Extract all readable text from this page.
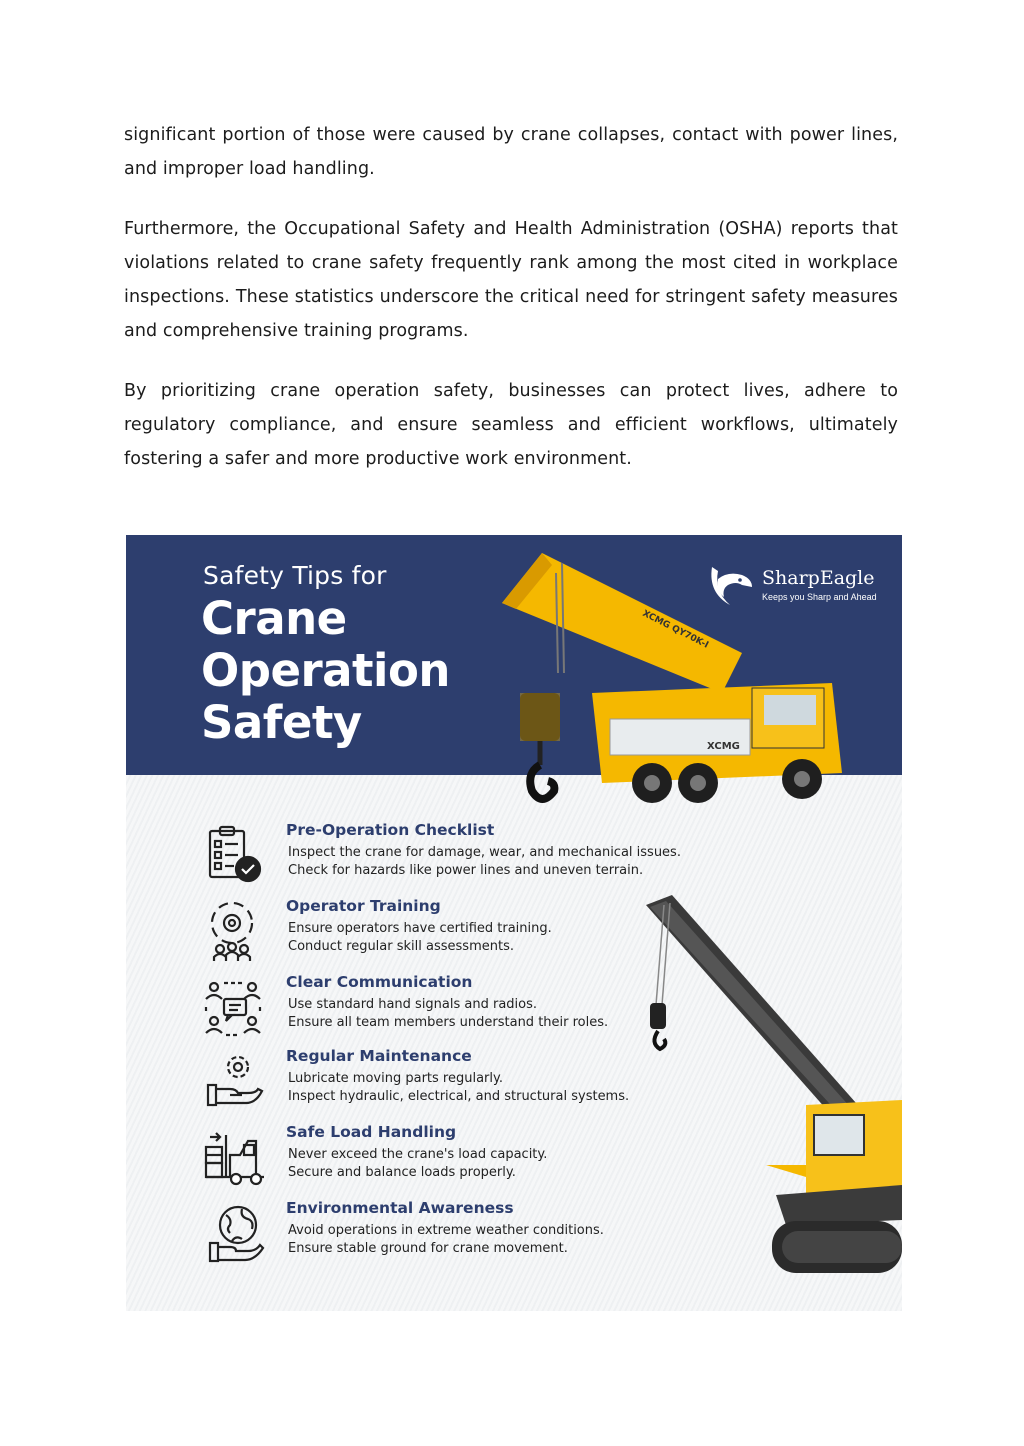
significant portion of those were caused by crane collapses, contact with power lines, and improper load handling.

Furthermore, the Occupational Safety and Health Administration (OSHA) reports that violations related to crane safety frequently rank among the most cited in workplace inspections. These statistics underscore the critical need for stringent safety measures and comprehensive training programs.

By prioritizing crane operation safety, businesses can protect lives, adhere to regulatory compliance, and ensure seamless and efficient workflows, ultimately fostering a safer and more productive work environment.

XCMG
XCMG QY70K-I
Safety Tips for
Crane
Operation
Safety
SharpEagle
Keeps you Sharp and Ahead
Pre-Operation Checklist
Inspect the crane for damage, wear, and mechanical issues.
Check for hazards like power lines and uneven terrain.
Operator Training
Ensure operators have certified training.
Conduct regular skill assessments.
Clear Communication
Use standard hand signals and radios.
Ensure all team members understand their roles.
Regular Maintenance
Lubricate moving parts regularly.
Inspect hydraulic, electrical, and structural systems.
Safe Load Handling
Never exceed the crane's load capacity.
Secure and balance loads properly.
Environmental Awareness
Avoid operations in extreme weather conditions.
Ensure stable ground for crane movement.
